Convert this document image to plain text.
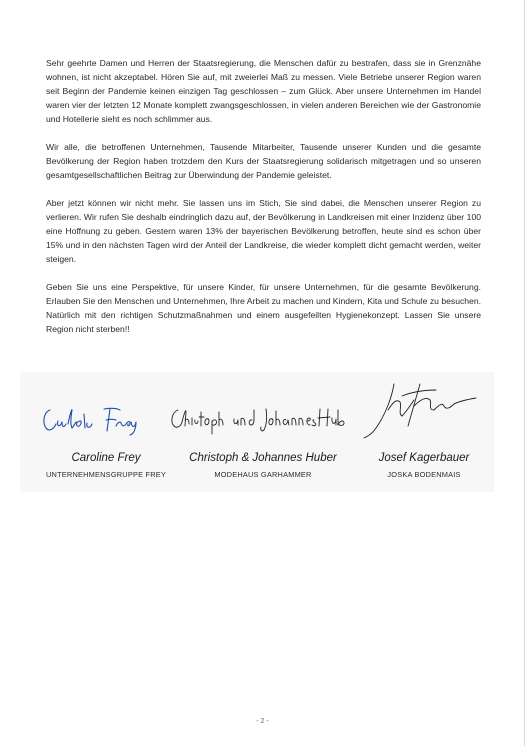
Sehr geehrte Damen und Herren der Staatsregierung, die Menschen dafür zu bestrafen, dass sie in Grenznähe wohnen, ist nicht akzeptabel. Hören Sie auf, mit zweierlei Maß zu messen. Viele Betriebe unserer Region waren seit Beginn der Pandemie keinen einzigen Tag geschlossen – zum Glück. Aber unsere Unternehmen im Handel waren vier der letzten 12 Monate komplett zwangsgeschlossen, in vielen anderen Bereichen wie der Gastronomie und Hotellerie sieht es noch schlimmer aus.

Wir alle, die betroffenen Unternehmen, Tausende Mitarbeiter, Tausende unserer Kunden und die gesamte Bevölkerung der Region haben trotzdem den Kurs der Staatsregierung solidarisch mitgetragen und so unseren gesamtgesellschaftlichen Beitrag zur Überwindung der Pandemie geleistet.

Aber jetzt können wir nicht mehr. Sie lassen uns im Stich, Sie sind dabei, die Menschen unserer Region zu verlieren. Wir rufen Sie deshalb eindringlich dazu auf, der Bevölkerung in Landkreisen mit einer Inzidenz über 100 eine Hoffnung zu geben. Gestern waren 13% der bayerischen Bevölkerung betroffen, heute sind es schon über 15% und in den nächsten Tagen wird der Anteil der Landkreise, die wieder komplett dicht gemacht werden, weiter steigen.

Geben Sie uns eine Perspektive, für unsere Kinder, für unsere Unternehmen, für die gesamte Bevölkerung. Erlauben Sie den Menschen und Unternehmen, Ihre Arbeit zu machen und Kindern, Kita und Schule zu besuchen. Natürlich mit den richtigen Schutzmaßnahmen und einem ausgefeilten Hygienekonzept. Lassen Sie unsere Region nicht sterben!!

Caroline Frey
UNTERNEHMENSGRUPPE FREY
Christoph & Johannes Huber
MODEHAUS GARHAMMER
Josef Kagerbauer
JOSKA BODENMAIS
- 2 -
